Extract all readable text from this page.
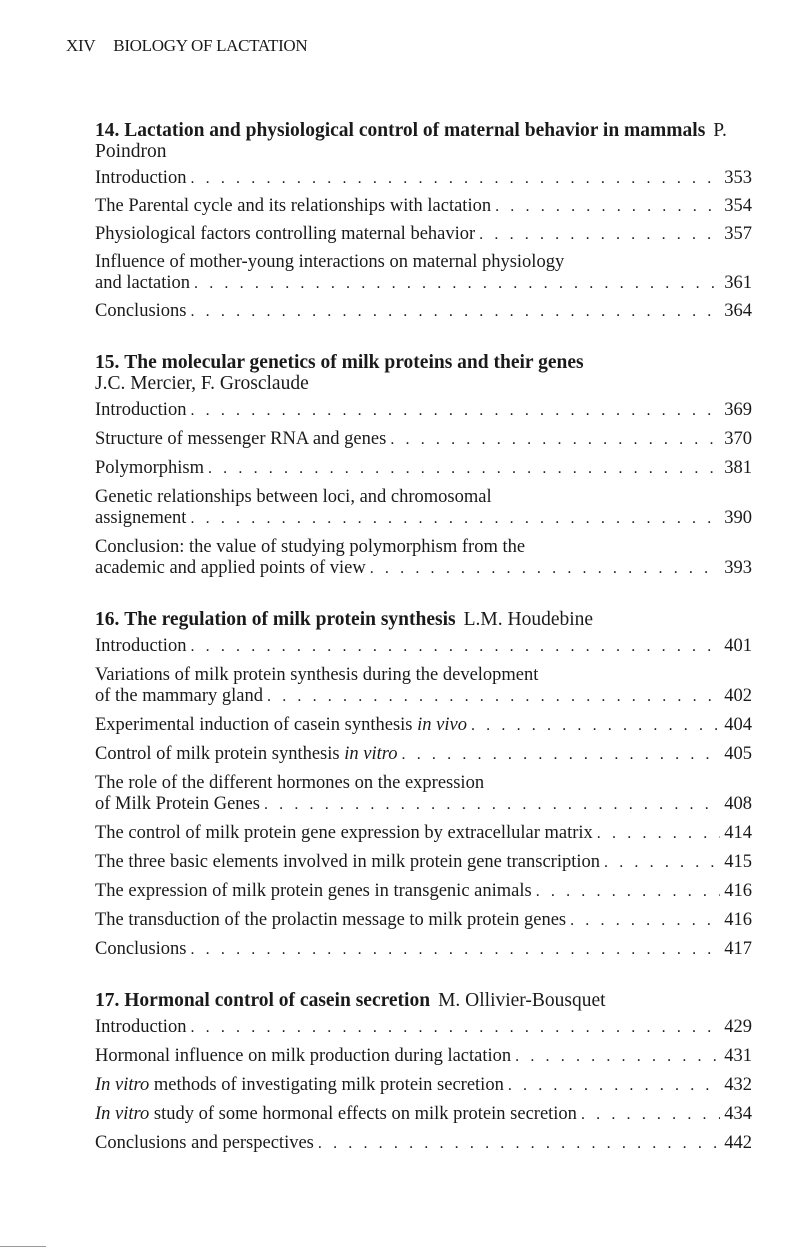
XIV BIOLOGY OF LACTATION
14. Lactation and physiological control of maternal behavior in mammals P. Poindron
Introduction . . .	353
The Parental cycle and its relationships with lactation . . .	354
Physiological factors controlling maternal behavior . . .	357
Influence of mother-young interactions on maternal physiology
and lactation . . .	361
Conclusions . . .	364
15. The molecular genetics of milk proteins and their genes
J.C. Mercier, F. Grosclaude
Introduction . . .	369
Structure of messenger RNA and genes . . .	370
Polymorphism . . .	381
Genetic relationships between loci, and chromosomal
assignement . . .	390
Conclusion: the value of studying polymorphism from the
academic and applied points of view . . .	393
16. The regulation of milk protein synthesis L.M. Houdebine
Introduction . . .	401
Variations of milk protein synthesis during the development
of the mammary gland . . .	402
Experimental induction of casein synthesis in vivo . . .	404
Control of milk protein synthesis in vitro . . .	405
The role of the different hormones on the expression
of Milk Protein Genes . . .	408
The control of milk protein gene expression by extracellular matrix . . .	414
The three basic elements involved in milk protein gene transcription . . .	415
The expression of milk protein genes in transgenic animals . . .	416
The transduction of the prolactin message to milk protein genes . . .	416
Conclusions . . .	417
17. Hormonal control of casein secretion M. Ollivier-Bousquet
Introduction . . .	429
Hormonal influence on milk production during lactation . . .	431
In vitro methods of investigating milk protein secretion . . .	432
In vitro study of some hormonal effects on milk protein secretion . . .	434
Conclusions and perspectives . . .	442
